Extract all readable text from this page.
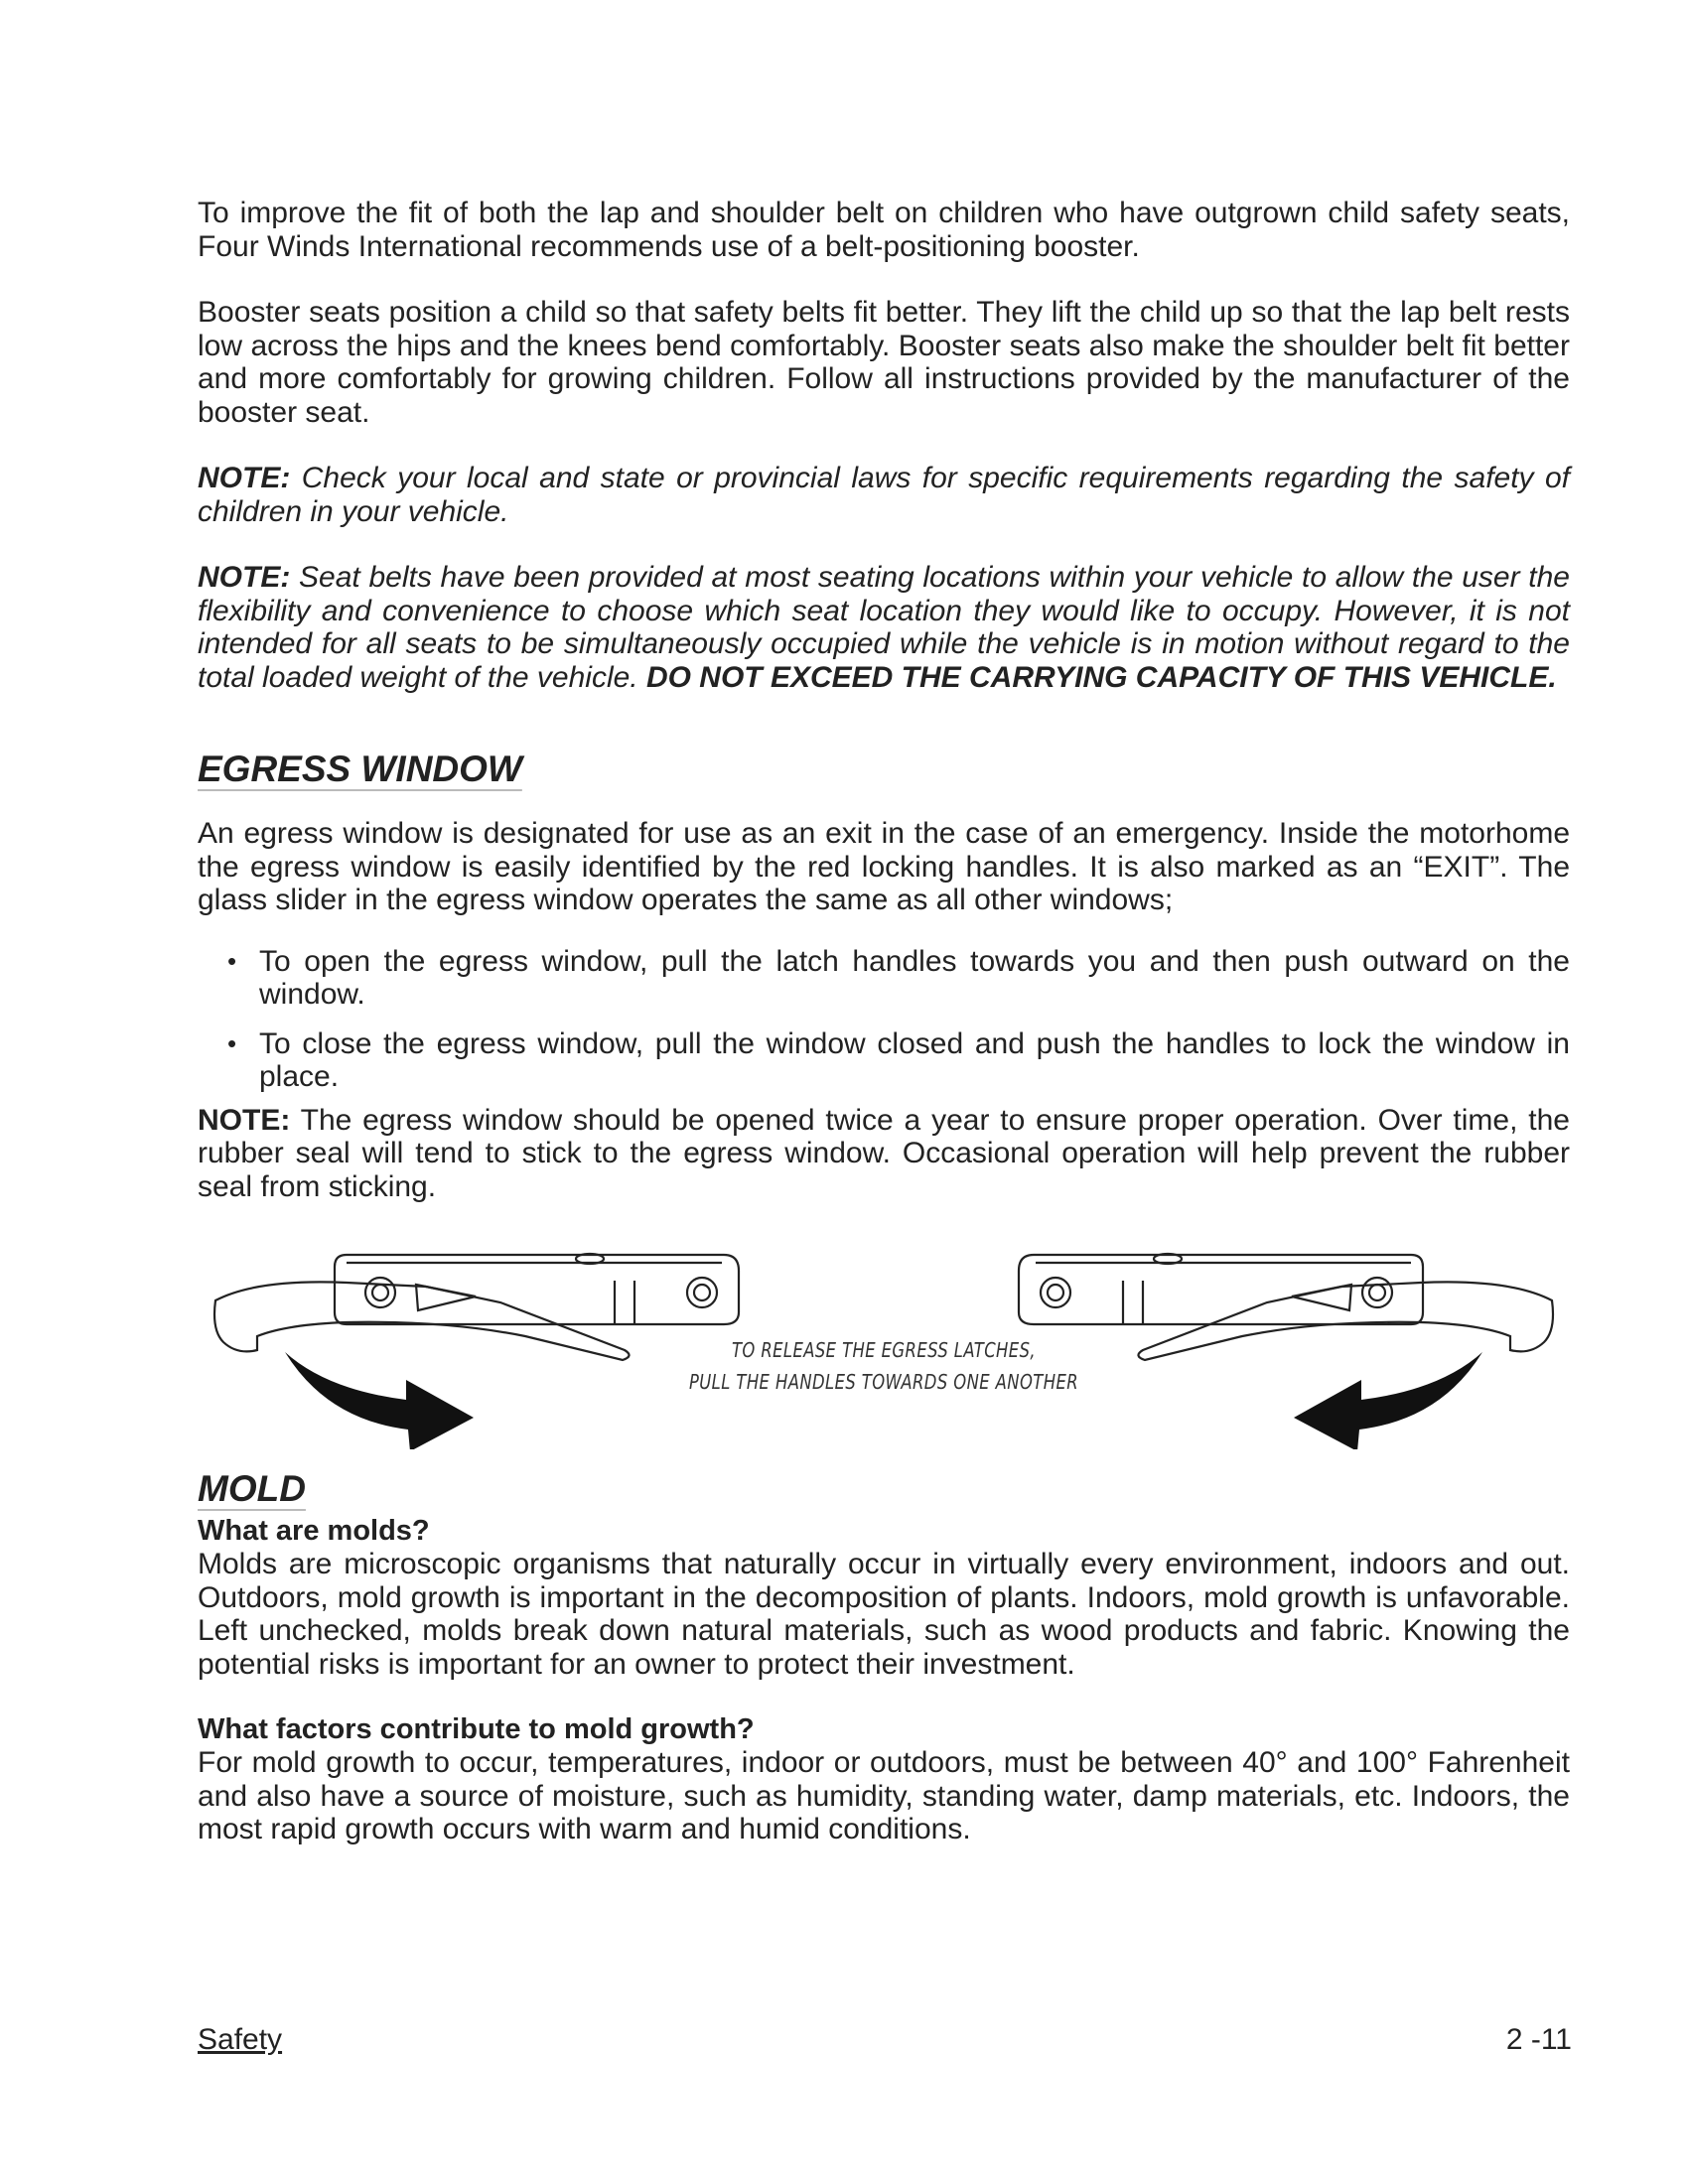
To improve the fit of both the lap and shoulder belt on children who have outgrown child safety seats, Four Winds International recommends use of a belt-positioning booster.

Booster seats position a child so that safety belts fit better. They lift the child up so that the lap belt rests low across the hips and the knees bend comfortably. Booster seats also make the shoulder belt fit better and more comfortably for growing children. Follow all instructions provided by the manufacturer of the booster seat.

NOTE: Check your local and state or provincial laws for specific requirements regarding the safety of children in your vehicle.

NOTE: Seat belts have been provided at most seating locations within your vehicle to allow the user the flexibility and convenience to choose which seat location they would like to occupy. However, it is not intended for all seats to be simultaneously occupied while the vehicle is in motion without regard to the total loaded weight of the vehicle. DO NOT EXCEED THE CARRYING CAPACITY OF THIS VEHICLE.

EGRESS WINDOW

An egress window is designated for use as an exit in the case of an emergency. Inside the motorhome the egress window is easily identified by the red locking handles. It is also marked as an “EXIT”. The glass slider in the egress window operates the same as all other windows;

• To open the egress window, pull the latch handles towards you and then push outward on the window.
• To close the egress window, pull the window closed and push the handles to lock the window in place.

NOTE: The egress window should be opened twice a year to ensure proper operation. Over time, the rubber seal will tend to stick to the egress window. Occasional operation will help prevent the rubber seal from sticking.

TO RELEASE THE EGRESS LATCHES,
PULL THE HANDLES TOWARDS ONE ANOTHER
MOLD
What are molds?

Molds are microscopic organisms that naturally occur in virtually every environment, indoors and out. Outdoors, mold growth is important in the decomposition of plants. Indoors, mold growth is unfavorable. Left unchecked, molds break down natural materials, such as wood products and fabric. Knowing the potential risks is important for an owner to protect their investment.

What factors contribute to mold growth?

For mold growth to occur, temperatures, indoor or outdoors, must be between 40° and 100° Fahrenheit and also have a source of moisture, such as humidity, standing water, damp materials, etc. Indoors, the most rapid growth occurs with warm and humid conditions.

Safety	2 -11
